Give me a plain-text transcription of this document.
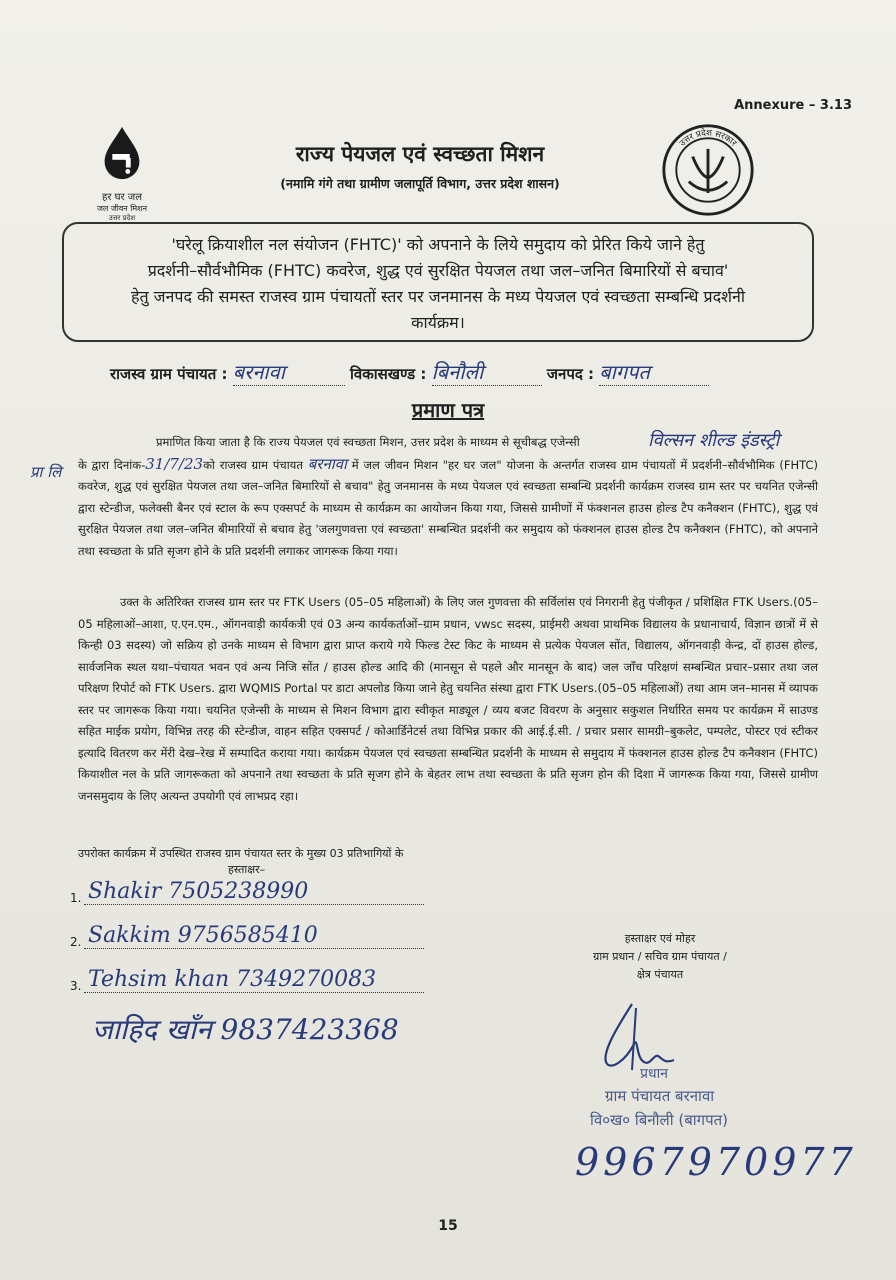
Annexure – 3.13
हर घर जल
जल जीवन मिशन
उत्तर प्रदेश
उत्तर प्रदेश सरकार
राज्य पेयजल एवं स्वच्छता मिशन
(नमामि गंगे तथा ग्रामीण जलापूर्ति विभाग, उत्तर प्रदेश शासन)
'घरेलू क्रियाशील नल संयोजन (FHTC)' को अपनाने के लिये समुदाय को प्रेरित किये जाने हेतु
प्रदर्शनी–सौर्वभौमिक (FHTC) कवरेज, शुद्ध एवं सुरक्षित पेयजल तथा जल–जनित बिमारियों से बचाव'
हेतु जनपद की समस्त राजस्व ग्राम पंचायतों स्तर पर जनमानस के मध्य पेयजल एवं स्वच्छता सम्बन्धि प्रदर्शनी
कार्यक्रम।
राजस्व ग्राम पंचायत : बरनावा	विकासखण्ड : बिनौली	जनपद : बागपत
प्रमाण पत्र
विल्सन शील्ड इंडस्ट्री
प्रा लि

प्रमाणित किया जाता है कि राज्य पेयजल एवं स्वच्छता मिशन, उत्तर प्रदेश के माध्यम से सूचीबद्ध एजेन्सी
के द्वारा दिनांक-31/7/23को राजस्व ग्राम पंचायत बरनावा में जल जीवन मिशन "हर घर जल" योजना के अन्तर्गत राजस्व ग्राम पंचायतों में प्रदर्शनी–सौर्वभौमिक (FHTC) कवरेज, शुद्ध एवं सुरक्षित पेयजल तथा जल–जनित बिमारियों से बचाव" हेतु जनमानस के मध्य पेयजल एवं स्वच्छता सम्बन्धि प्रदर्शनी कार्यक्रम राजस्व ग्राम स्तर पर चयनित एजेन्सी द्वारा स्टेन्डीज, फलेक्सी बैनर एवं स्टाल के रूप एक्सपर्ट के माध्यम से कार्यक्रम का आयोजन किया गया, जिससे ग्रामीणों में फंक्शनल हाउस होल्ड टैप कनैक्शन (FHTC), शुद्ध एवं सुरक्षित पेयजल तथा जल–जनित बीमारियों से बचाव हेतु 'जलगुणवत्ता एवं स्वच्छता' सम्बन्धित प्रदर्शनी कर समुदाय को फंक्शनल हाउस होल्ड टैप कनैक्शन (FHTC), को अपनाने तथा स्वच्छता के प्रति सृजग होने के प्रति प्रदर्शनी लगाकर जागरूक किया गया।

उक्त के अतिरिक्त राजस्व ग्राम स्तर पर FTK Users (05–05 महिलाओं) के लिए जल गुणवत्ता की सर्विलांस एवं निगरानी हेतु पंजीकृत / प्रशिक्षित FTK Users.(05–05 महिलाओं–आशा, ए.एन.एम., ऑगनवाड़ी कार्यकत्री एवं 03 अन्य कार्यकर्ताओं–ग्राम प्रधान, vwsc सदस्य, प्राईमरी अथवा प्राथमिक विद्यालय के प्रधानाचार्य, विज्ञान छात्रों में से किन्ही 03 सदस्य) जो सक्रिय हो उनके माध्यम से विभाग द्वारा प्राप्त कराये गये फिल्ड टेस्ट किट के माध्यम से प्रत्येक पेयजल सोंत, विद्यालय, ऑगनवाड़ी केन्द्र, दों हाउस होल्ड, सार्वजनिक स्थल यथा–पंचायत भवन एवं अन्य निजि सोंत / हाउस होल्ड आदि की (मानसून से पहले और मानसून के बाद) जल जाँच परिक्षणं सम्बन्धित प्रचार–प्रसार तथा जल परिक्षण रिपोर्ट को FTK Users. द्वारा WQMIS Portal पर डाटा अपलोड किया जाने हेतु चयनित संस्था द्वारा FTK Users.(05–05 महिलाओं) तथा आम जन–मानस में व्यापक स्तर पर जागरूक किया गया। चयनित एजेन्सी के माध्यम से मिशन विभाग द्वारा स्वीकृत माड्यूल / व्यय बजट विवरण के अनुसार सकुशल निर्धारित समय पर कार्यक्रम में साउण्ड सहित माईक प्रयोग, विभिन्न तरह की स्टेन्डीज, वाहन सहित एक्सपर्ट / कोआर्डिनेटर्स तथा विभिन्न प्रकार की आई.ई.सी. / प्रचार प्रसार सामग्री–बुकलेट, पम्पलेट, पोस्टर एवं स्टीकर इत्यादि वितरण कर मेंरी देख–रेख में सम्पादित कराया गया। कार्यक्रम पेयजल एवं स्वच्छता सम्बन्धित प्रदर्शनी के माध्यम से समुदाय में फंक्शनल हाउस होल्ड टैप कनैक्शन (FHTC) कियाशील नल के प्रति जागरूकता को अपनाने तथा स्वच्छता के प्रति सृजग होने के बेहतर लाभ तथा स्वच्छता के प्रति सृजग होन की दिशा में जागरूक किया गया, जिससे ग्रामीण जनसमुदाय के लिए अत्यन्त उपयोगी एवं लाभप्रद रहा।

उपरोक्त कार्यक्रम में उपस्थित राजस्व ग्राम पंचायत स्तर के मुख्य 03 प्रतिभागियों के
हस्ताक्षर–
1. Shakir 7505238990
2. Sakkim 9756585410
3. Tehsim khan 7349270083
जाहिद खाँन 9837423368
हस्ताक्षर एवं मोहर
ग्राम प्रधान / सचिव ग्राम पंचायत /
क्षेत्र पंचायत
प्रधान
ग्राम पंचायत बरनावा
वि०ख० बिनौली (बागपत)
9967970977
15
